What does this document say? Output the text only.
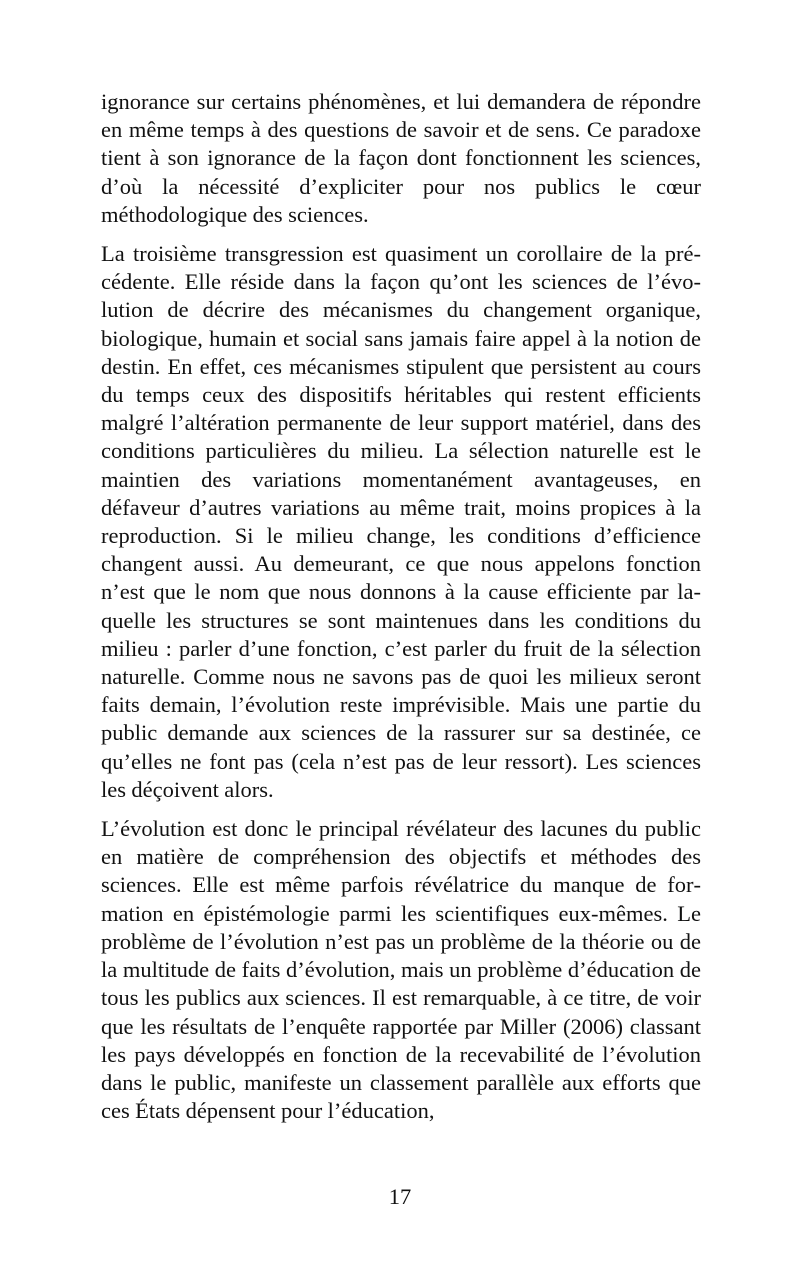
ignorance sur certains phénomènes, et lui demandera de répondre en même temps à des questions de savoir et de sens. Ce paradoxe tient à son ignorance de la façon dont fonctionnent les sciences, d’où la nécessité d’expliciter pour nos publics le cœur méthodologique des sciences.

La troisième transgression est quasiment un corollaire de la précédente. Elle réside dans la façon qu’ont les sciences de l’évolution de décrire des mécanismes du changement organique, biologique, humain et social sans jamais faire appel à la notion de destin. En effet, ces mécanismes stipulent que persistent au cours du temps ceux des dispositifs héritables qui restent efficients malgré l’altération permanente de leur support matériel, dans des conditions particulières du milieu. La sélection naturelle est le maintien des variations momentanément avantageuses, en défaveur d’autres variations au même trait, moins propices à la reproduction. Si le milieu change, les conditions d’efficience changent aussi. Au demeurant, ce que nous appelons fonction n’est que le nom que nous donnons à la cause efficiente par laquelle les structures se sont maintenues dans les conditions du milieu : parler d’une fonction, c’est parler du fruit de la sélection naturelle. Comme nous ne savons pas de quoi les milieux seront faits demain, l’évolution reste imprévisible. Mais une partie du public demande aux sciences de la rassurer sur sa destinée, ce qu’elles ne font pas (cela n’est pas de leur ressort). Les sciences les déçoivent alors.

L’évolution est donc le principal révélateur des lacunes du public en matière de compréhension des objectifs et méthodes des sciences. Elle est même parfois révélatrice du manque de formation en épistémologie parmi les scientifiques eux-mêmes. Le problème de l’évolution n’est pas un problème de la théorie ou de la multitude de faits d’évolution, mais un problème d’éducation de tous les publics aux sciences. Il est remarquable, à ce titre, de voir que les résultats de l’enquête rapportée par Miller (2006) classant les pays développés en fonction de la recevabilité de l’évolution dans le public, manifeste un classement parallèle aux efforts que ces États dépensent pour l’éducation,

17
